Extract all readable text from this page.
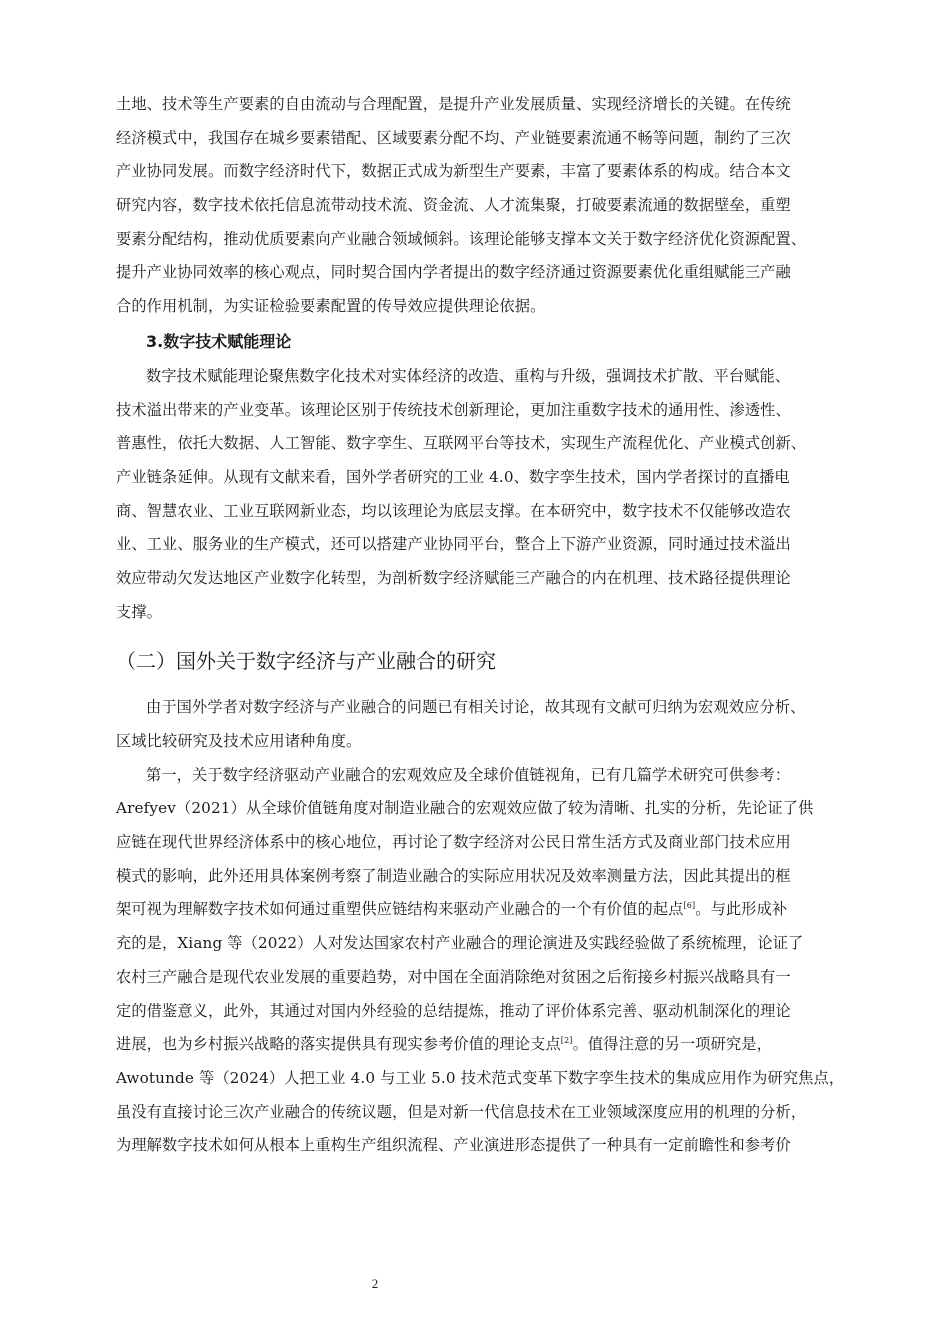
土地、技术等生产要素的自由流动与合理配置，是提升产业发展质量、实现经济增长的关键。在传统

经济模式中，我国存在城乡要素错配、区域要素分配不均、产业链要素流通不畅等问题，制约了三次

产业协同发展。而数字经济时代下，数据正式成为新型生产要素，丰富了要素体系的构成。结合本文

研究内容，数字技术依托信息流带动技术流、资金流、人才流集聚，打破要素流通的数据壁垒，重塑

要素分配结构，推动优质要素向产业融合领域倾斜。该理论能够支撑本文关于数字经济优化资源配置、

提升产业协同效率的核心观点，同时契合国内学者提出的数字经济通过资源要素优化重组赋能三产融

合的作用机制，为实证检验要素配置的传导效应提供理论依据。

3.数字技术赋能理论

数字技术赋能理论聚焦数字化技术对实体经济的改造、重构与升级，强调技术扩散、平台赋能、

技术溢出带来的产业变革。该理论区别于传统技术创新理论，更加注重数字技术的通用性、渗透性、

普惠性，依托大数据、人工智能、数字孪生、互联网平台等技术，实现生产流程优化、产业模式创新、

产业链条延伸。从现有文献来看，国外学者研究的工业 4.0、数字孪生技术，国内学者探讨的直播电

商、智慧农业、工业互联网新业态，均以该理论为底层支撑。在本研究中，数字技术不仅能够改造农

业、工业、服务业的生产模式，还可以搭建产业协同平台，整合上下游产业资源，同时通过技术溢出

效应带动欠发达地区产业数字化转型，为剖析数字经济赋能三产融合的内在机理、技术路径提供理论

支撑。

（二）国外关于数字经济与产业融合的研究

由于国外学者对数字经济与产业融合的问题已有相关讨论，故其现有文献可归纳为宏观效应分析、

区域比较研究及技术应用诸种角度。

第一，关于数字经济驱动产业融合的宏观效应及全球价值链视角，已有几篇学术研究可供参考：

Arefyev（2021）从全球价值链角度对制造业融合的宏观效应做了较为清晰、扎实的分析，先论证了供

应链在现代世界经济体系中的核心地位，再讨论了数字经济对公民日常生活方式及商业部门技术应用

模式的影响，此外还用具体案例考察了制造业融合的实际应用状况及效率测量方法，因此其提出的框

架可视为理解数字技术如何通过重塑供应链结构来驱动产业融合的一个有价值的起点[6]。与此形成补

充的是，Xiang 等（2022）人对发达国家农村产业融合的理论演进及实践经验做了系统梳理，论证了

农村三产融合是现代农业发展的重要趋势，对中国在全面消除绝对贫困之后衔接乡村振兴战略具有一

定的借鉴意义，此外，其通过对国内外经验的总结提炼，推动了评价体系完善、驱动机制深化的理论

进展，也为乡村振兴战略的落实提供具有现实参考价值的理论支点[2]。值得注意的另一项研究是，

Awotunde 等（2024）人把工业 4.0 与工业 5.0 技术范式变革下数字孪生技术的集成应用作为研究焦点，

虽没有直接讨论三次产业融合的传统议题，但是对新一代信息技术在工业领域深度应用的机理的分析，

为理解数字技术如何从根本上重构生产组织流程、产业演进形态提供了一种具有一定前瞻性和参考价

2
